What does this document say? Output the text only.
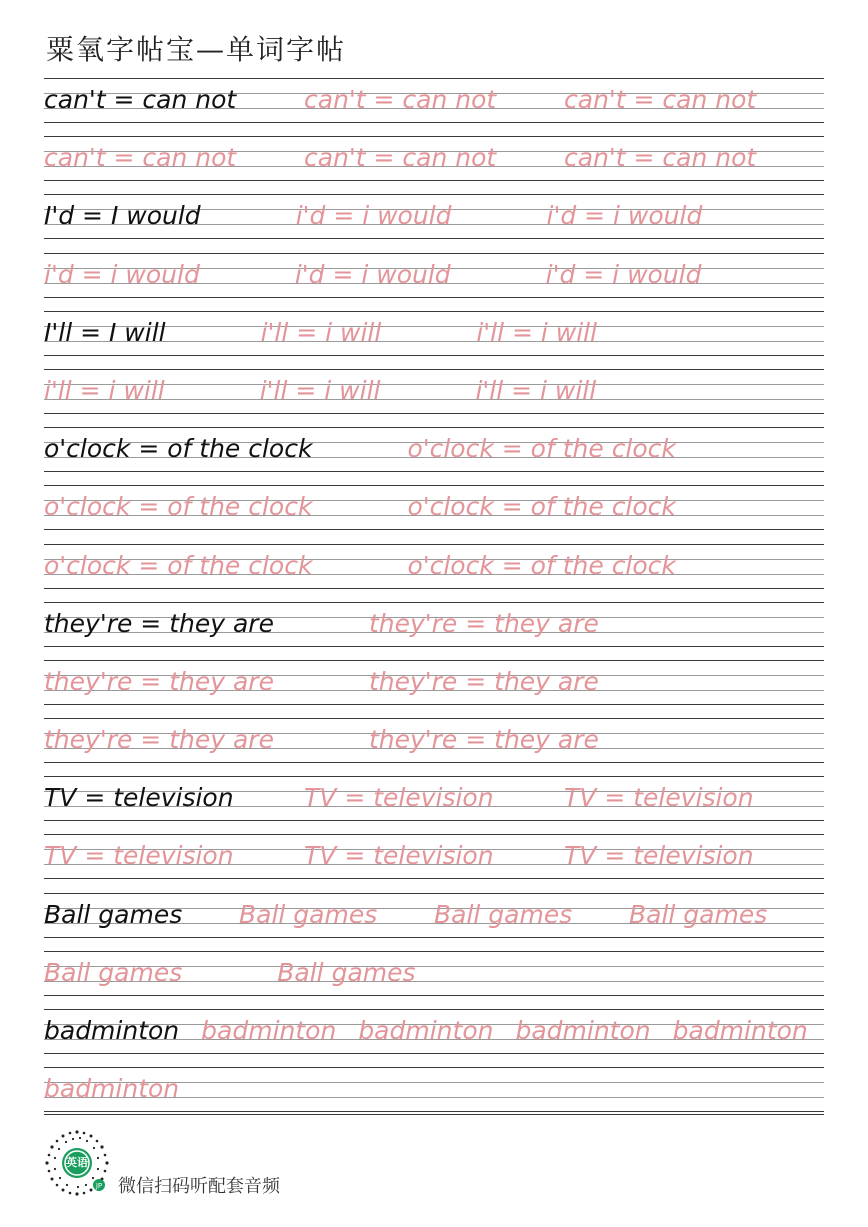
粟氧字帖宝—单词字帖
can't = can not	can't = can not	can't = can not
can't = can not	can't = can not	can't = can not
I'd = I would	i'd = i would	i'd = i would
i'd = i would	i'd = i would	i'd = i would
I'll = I will	i'll = i will	i'll = i will
i'll = i will	i'll = i will	i'll = i will
o'clock = of the clock	o'clock = of the clock
o'clock = of the clock	o'clock = of the clock
o'clock = of the clock	o'clock = of the clock
they're = they are	they're = they are
they're = they are	they're = they are
they're = they are	they're = they are
TV = television	TV = television	TV = television
TV = television	TV = television	TV = television
Ball games Ball games Ball games Ball games
Ball games	Ball games
badminton badminton badminton badminton badminton
badminton
JP
英语
微信扫码听配套音频
